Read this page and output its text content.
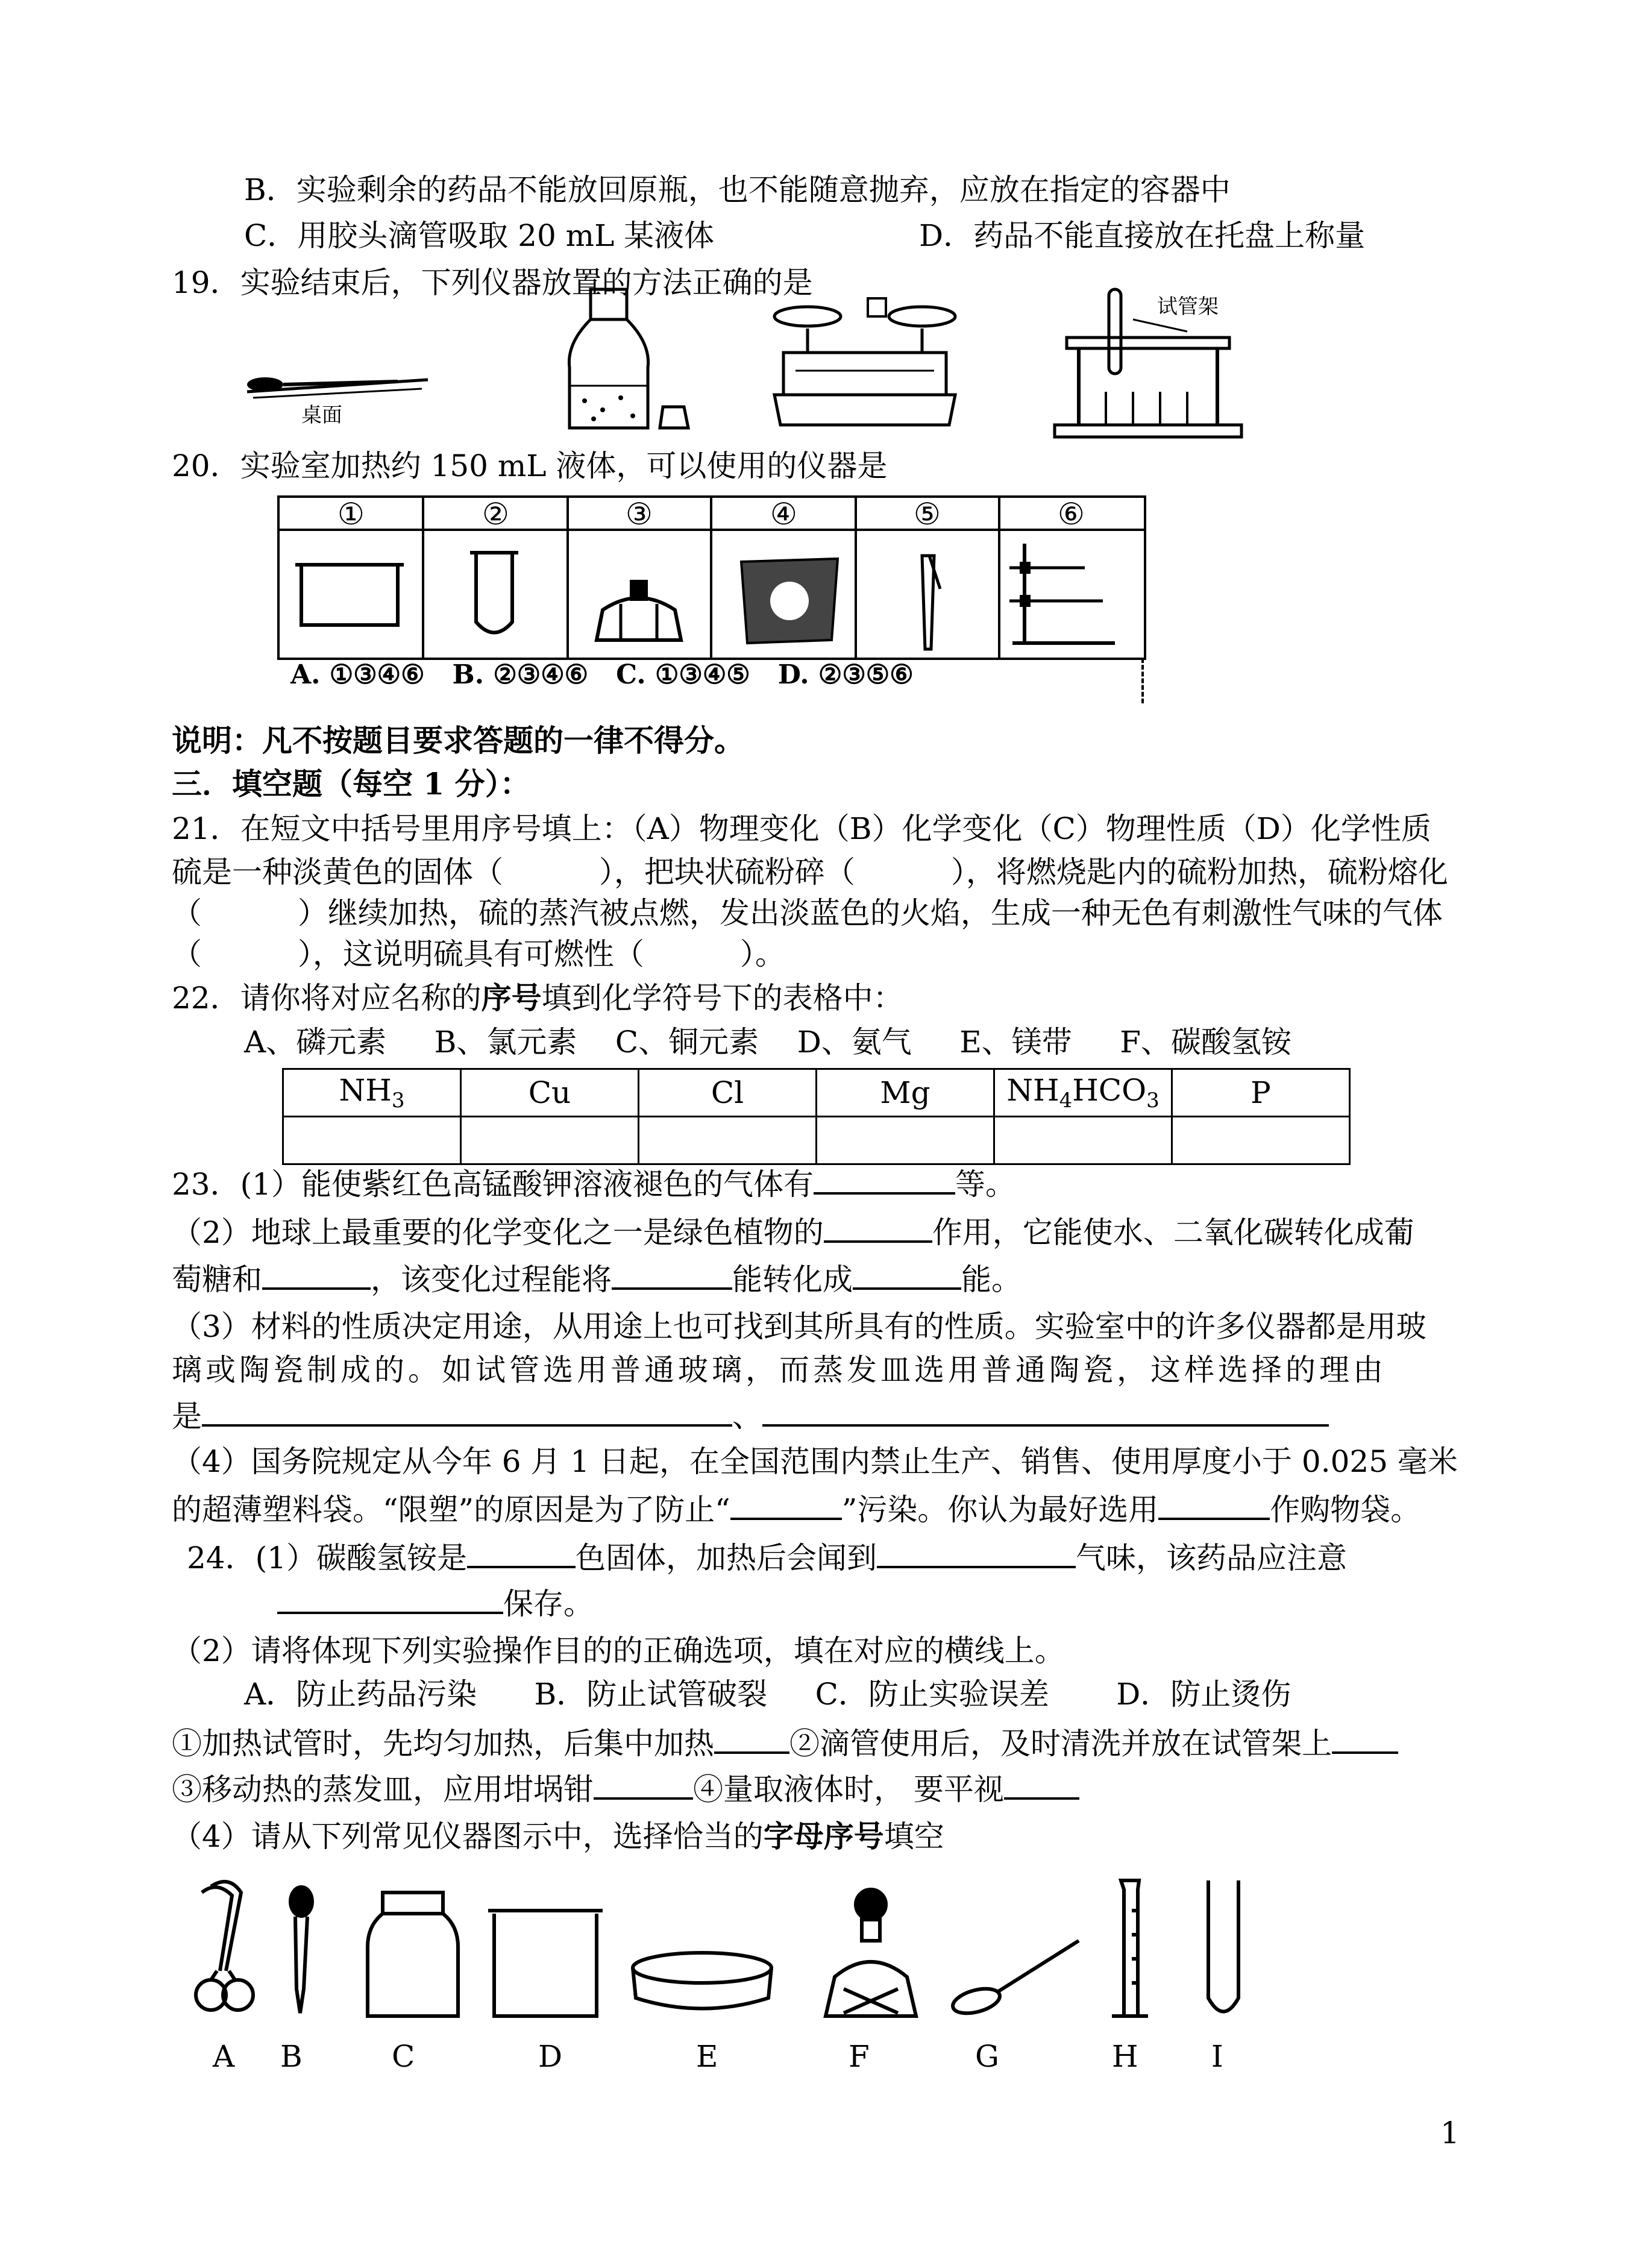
B．实验剩余的药品不能放回原瓶，也不能随意抛弃，应放在指定的容器中
C．用胶头滴管吸取 20 mL 某液体	D．药品不能直接放在托盘上称量
19．实验结束后，下列仪器放置的方法正确的是
桌面
试管架
20．实验室加热约 150 mL 液体，可以使用的仪器是
①	②	③	④	⑤	⑥
A. ①③④⑥   B. ②③④⑥   C. ①③④⑤   D. ②③⑤⑥
说明：凡不按题目要求答题的一律不得分。
三．填空题（每空 1 分）：
21．在短文中括号里用序号填上：（A）物理变化（B）化学变化（C）物理性质（D）化学性质
硫是一种淡黄色的固体（          ），把块状硫粉碎（          ），将燃烧匙内的硫粉加热，硫粉熔化
（          ）继续加热，硫的蒸汽被点燃，发出淡蓝色的火焰，生成一种无色有刺激性气味的气体
（          ），这说明硫具有可燃性（          ）。
22．请你将对应名称的序号填到化学符号下的表格中：
A、磷元素     B、氯元素    C、铜元素    D、氨气     E、镁带     F、碳酸氢铵
$NH_3$	Cu	Cl	Mg	$NH_4HCO_3$	P

23．(1）能使紫红色高锰酸钾溶液褪色的气体有	等。
（2）地球上最重要的化学变化之一是绿色植物的	作用，它能使水、二氧化碳转化成葡
萄糖和	，该变化过程能将	能转化成	能。
（3）材料的性质决定用途，从用途上也可找到其所具有的性质。实验室中的许多仪器都是用玻
璃或陶瓷制成的。如试管选用普通玻璃，而蒸发皿选用普通陶瓷，这样选择的理由
是	、
（4）国务院规定从今年 6 月 1 日起，在全国范围内禁止生产、销售、使用厚度小于 0.025 毫米
的超薄塑料袋。“限塑”的原因是为了防止“	”污染。你认为最好选用	作购物袋。
24．(1）碳酸氢铵是	色固体，加热后会闻到	气味，该药品应注意
保存。
（2）请将体现下列实验操作目的的正确选项，填在对应的横线上。
A．防止药品污染      B．防止试管破裂     C．防止实验误差       D．防止烫伤
①加热试管时，先均匀加热，后集中加热	②滴管使用后，及时清洗并放在试管架上
③移动热的蒸发皿，应用坩埚钳	④量取液体时， 要平视
（4）请从下列常见仪器图示中，选择恰当的字母序号填空
A B	C	D	E	F	G	H I
1
